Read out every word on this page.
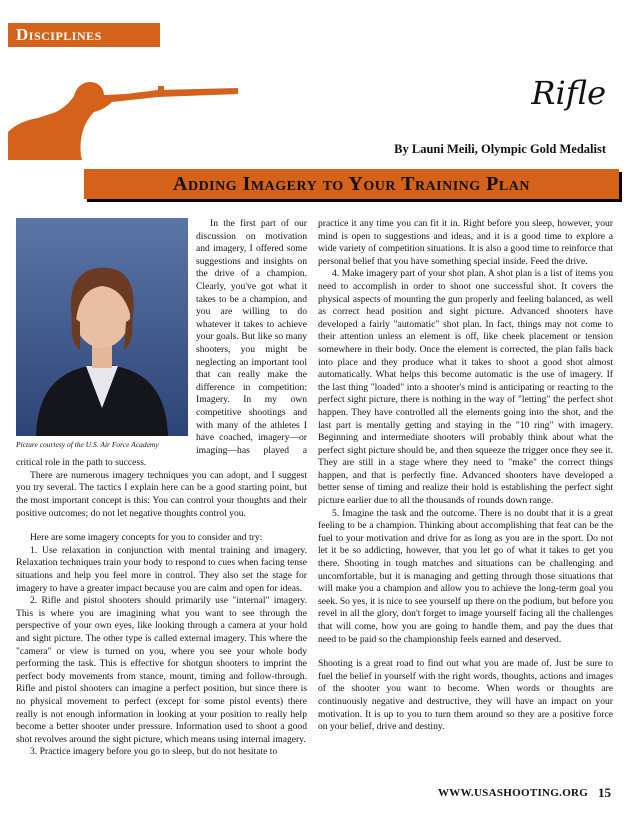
Disciplines
Rifle
By Launi Meili, Olympic Gold Medalist
Adding Imagery to Your Training Plan

In the first part of our discussion on motivation and imagery, I offered some suggestions and insights on the drive of a champion. Clearly, you've got what it takes to be a champion, and you are willing to do whatever it takes to achieve your goals. But like so many shooters, you might be neglecting an important tool that can really make the difference in competition: Imagery. In my own competitive shootings and with many of the athletes I have coached, imagery—or imaging—has played a critical role in the path to success.

There are numerous imagery techniques you can adopt, and I suggest you try several. The tactics I explain here can be a good starting point, but the most important concept is this: You can control your thoughts and their positive outcomes; do not let negative thoughts control you.

Here are some imagery concepts for you to consider and try:

1. Use relaxation in conjunction with mental training and imagery. Relaxation techniques train your body to respond to cues when facing tense situations and help you feel more in control. They also set the stage for imagery to have a greater impact because you are calm and open for ideas.

2. Rifle and pistol shooters should primarily use "internal" imagery. This is where you are imagining what you want to see through the perspective of your own eyes, like looking through a camera at your hold and sight picture. The other type is called external imagery. This where the "camera" or view is turned on you, where you see your whole body performing the task. This is effective for shotgun shooters to imprint the perfect body movements from stance, mount, timing and follow-through. Rifle and pistol shooters can imagine a perfect position, but since there is no physical movement to perfect (except for some pistol events) there really is not enough information in looking at your position to really help become a better shooter under pressure. Information used to shoot a good shot revolves around the sight picture, which means using internal imagery.

3. Practice imagery before you go to sleep, but do not hesitate to

Picture courtesy of the U.S. Air Force Academy

practice it any time you can fit it in. Right before you sleep, however, your mind is open to suggestions and ideas, and it is a good time to explore a wide variety of competition situations. It is also a good time to reinforce that personal belief that you have something special inside. Feed the drive.

4. Make imagery part of your shot plan. A shot plan is a list of items you need to accomplish in order to shoot one successful shot. It covers the physical aspects of mounting the gun properly and feeling balanced, as well as correct head position and sight picture. Advanced shooters have developed a fairly "automatic" shot plan. In fact, things may not come to their attention unless an element is off, like cheek placement or tension somewhere in their body. Once the element is corrected, the plan falls back into place and they produce what it takes to shoot a good shot almost automatically. What helps this become automatic is the use of imagery. If the last thing "loaded" into a shooter's mind is anticipating or reacting to the perfect sight picture, there is nothing in the way of "letting" the perfect shot happen. They have controlled all the elements going into the shot, and the last part is mentally getting and staying in the "10 ring" with imagery. Beginning and intermediate shooters will probably think about what the perfect sight picture should be, and then squeeze the trigger once they see it. They are still in a stage where they need to "make" the correct things happen, and that is perfectly fine. Advanced shooters have developed a better sense of timing and realize their hold is establishing the perfect sight picture earlier due to all the thousands of rounds down range.

5. Imagine the task and the outcome. There is no doubt that it is a great feeling to be a champion. Thinking about accomplishing that feat can be the fuel to your motivation and drive for as long as you are in the sport. Do not let it be so addicting, however, that you let go of what it takes to get you there. Shooting in tough matches and situations can be challenging and uncomfortable, but it is managing and getting through those situations that will make you a champion and allow you to achieve the long-term goal you seek. So yes, it is nice to see yourself up there on the podium, but before you revel in all the glory, don't forget to image yourself facing all the challenges that will come, how you are going to handle them, and pay the dues that need to be paid so the championship feels earned and deserved.

Shooting is a great road to find out what you are made of. Just be sure to fuel the belief in yourself with the right words, thoughts, actions and images of the shooter you want to become. When words or thoughts are continuously negative and destructive, they will have an impact on your motivation. It is up to you to turn them around so they are a positive force on your belief, drive and destiny.

WWW.USASHOOTING.ORG 15
